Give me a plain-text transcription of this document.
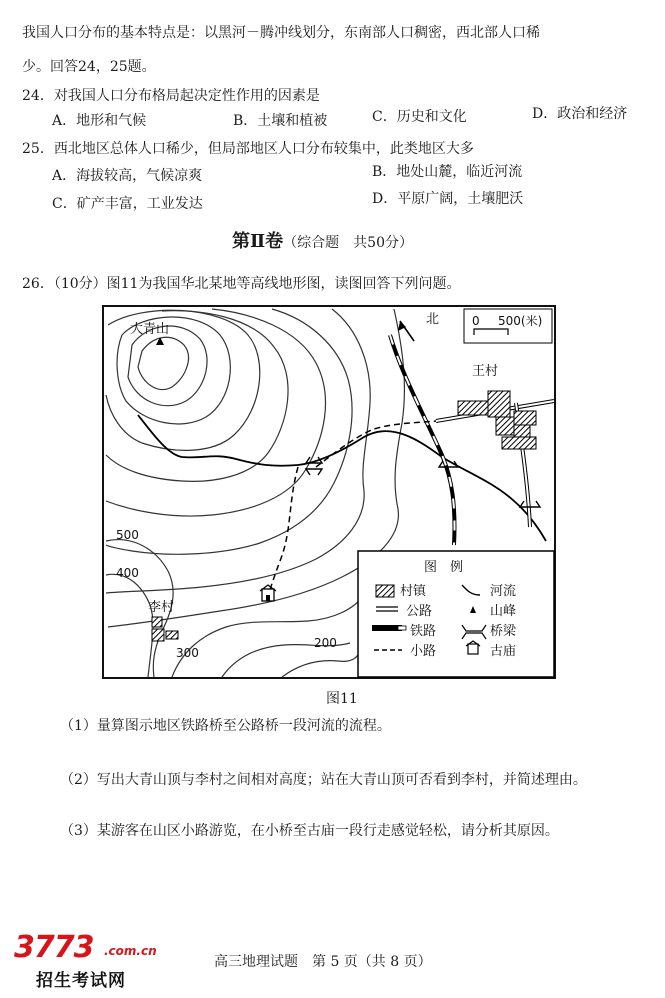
我国人口分布的基本特点是：以黑河－腾冲线划分，东南部人口稠密，西北部人口稀
少。回答24，25题。
24．对我国人口分布格局起决定性作用的因素是
A．地形和气候	B．土壤和植被	C．历史和文化	D．政治和经济
25．西北地区总体人口稀少，但局部地区人口分布较集中，此类地区大多
A．海拔较高，气候凉爽	B．地处山麓，临近河流
C．矿产丰富，工业发达	D．平原广阔，土壤肥沃
第Ⅱ卷（综合题　共50分）
26．（10分）图11为我国华北某地等高线地形图，读图回答下列问题。
大青山
王村
李村
北	0 500(米)
500
400
300
200
图　例
村镇	河流
公路	山峰
铁路	桥梁
小路	古庙
图11
（1）量算图示地区铁路桥至公路桥一段河流的流程。
（2）写出大青山顶与李村之间相对高度；站在大青山顶可否看到李村，并简述理由。
（3）某游客在山区小路游览，在小桥至古庙一段行走感觉轻松，请分析其原因。
高三地理试题　第 5 页（共 8 页）
3773 .com.cn
招生考试网
